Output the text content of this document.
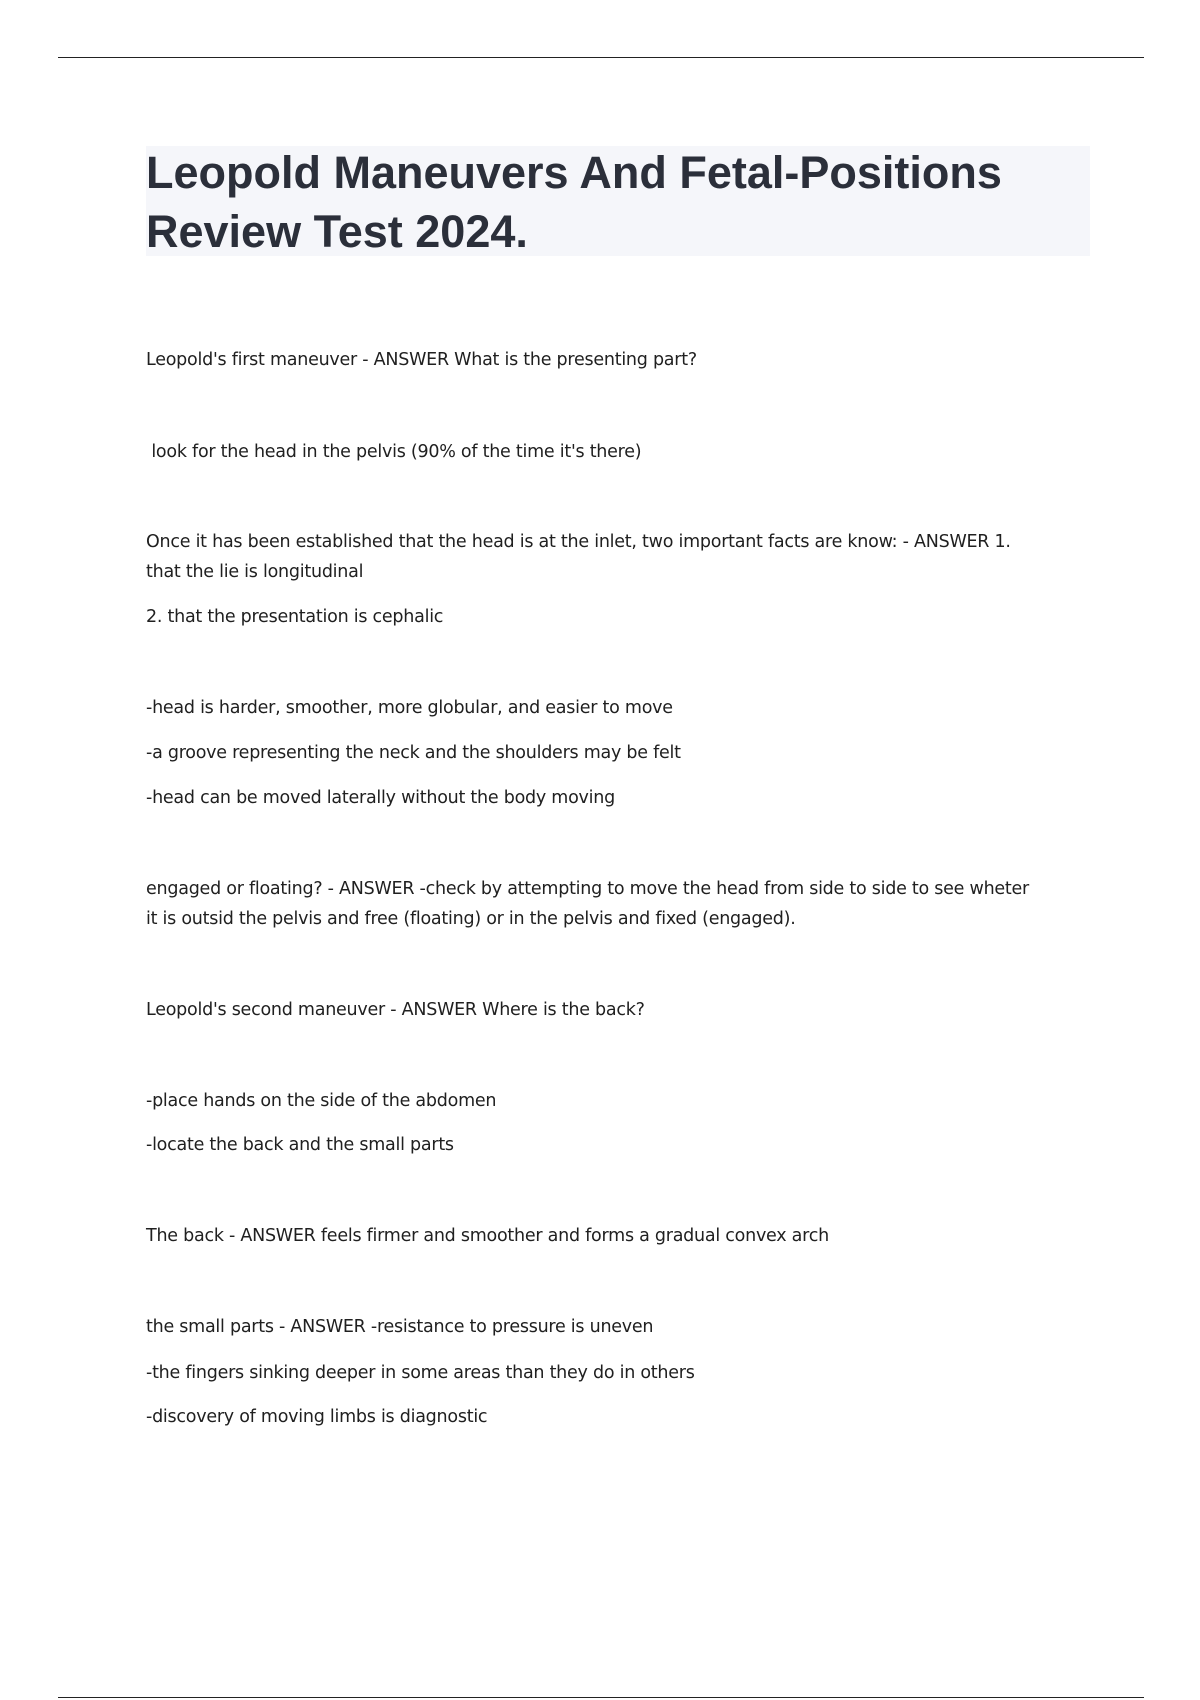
Leopold Maneuvers And Fetal-Positions
Review Test 2024.
Leopold's first maneuver - ANSWER What is the presenting part?
look for the head in the pelvis (90% of the time it's there)
Once it has been established that the head is at the inlet, two important facts are know: - ANSWER 1.
that the lie is longitudinal
2. that the presentation is cephalic
-head is harder, smoother, more globular, and easier to move
-a groove representing the neck and the shoulders may be felt
-head can be moved laterally without the body moving
engaged or floating? - ANSWER -check by attempting to move the head from side to side to see wheter
it is outsid the pelvis and free (floating) or in the pelvis and fixed (engaged).
Leopold's second maneuver - ANSWER Where is the back?
-place hands on the side of the abdomen
-locate the back and the small parts
The back - ANSWER feels firmer and smoother and forms a gradual convex arch
the small parts - ANSWER -resistance to pressure is uneven
-the fingers sinking deeper in some areas than they do in others
-discovery of moving limbs is diagnostic
